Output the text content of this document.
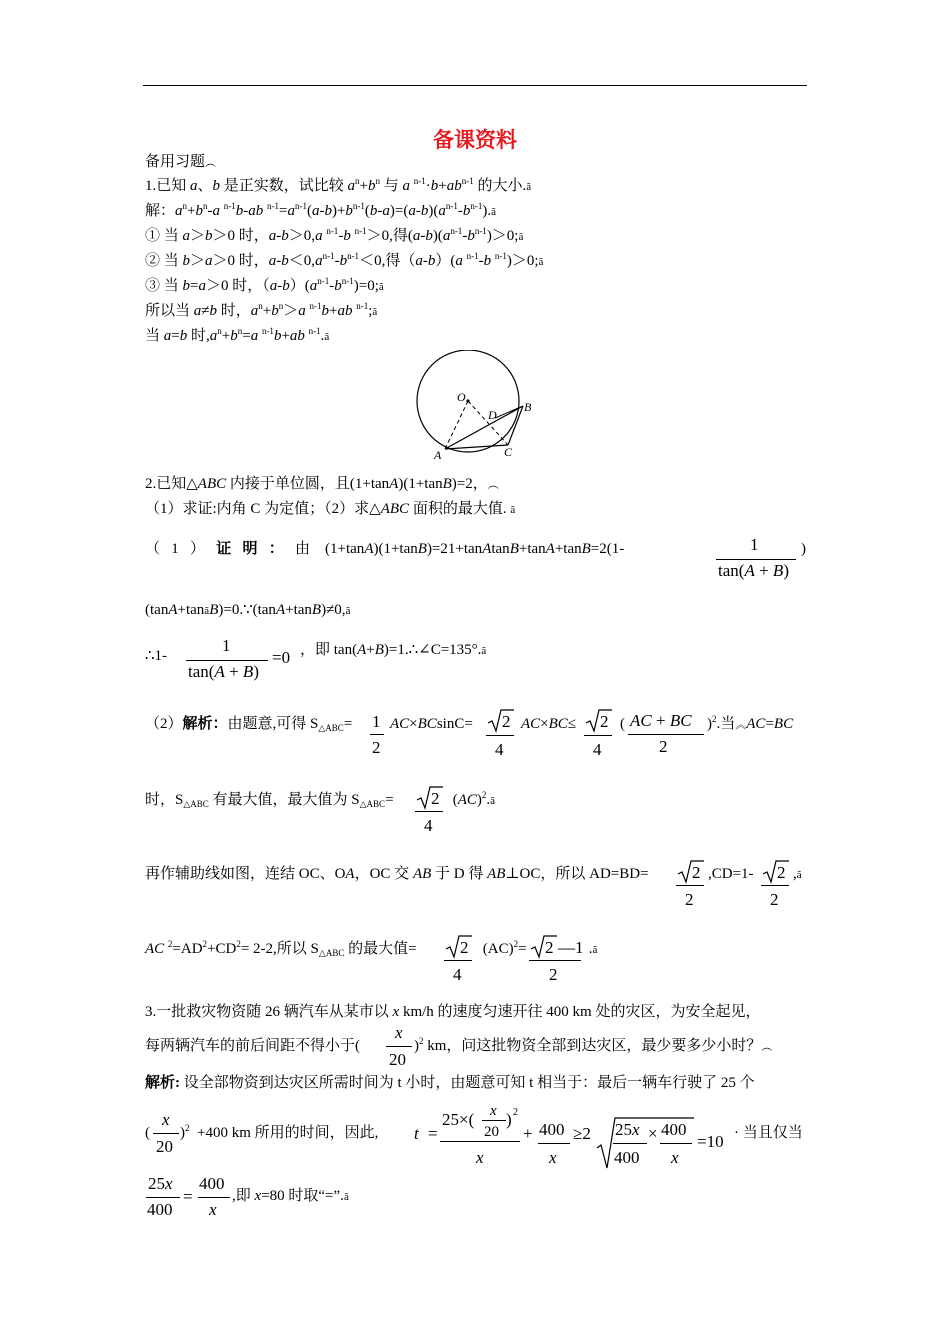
备课资料
备用习题︵
1.已知 a、b 是正实数，试比较 $a^n+b^n$ 与 a $^{n-1}\cdot b+ab^{n-1}$ 的大小.ã
解：$a^n+b^n-a$ $^{n-1}$b-ab $^{n-1}=a^{n-1}(a-b)+b^{n-1}(b-a)=(a-b)(a^{n-1}-b^{n-1}).ã$
① 当 a＞b＞0 时，a-b＞0,a $^{n-1}$-b $^{n-1}$＞0,得$(a-b)(a^{n-1}-b^{n-1})>0;ã$
② 当 b＞a＞0 时，$a-b<0,a^{n-1}-b^{n-1}<0$,得（a-b）(a $^{n-1}$-b $^{n-1}$)＞0;ã
③ 当 b=a＞0 时，$(a-b)(a^{n-1}-b^{n-1})=0;ã$
所以当 a≠b 时，$a^n+b^n>a$ $^{n-1}$b+ab $^{n-1}$;ã
当 a=b 时$,a^n+b^n=a$ $^{n-1}$b+ab $^{n-1}$.ã
O
D
B
A	C
2.已知△ABC 内接于单位圆，且(1+tanA)(1+tanB)=2，︵
（1）求证:内角 C 为定值；（2）求△ABC 面积的最大值. ã
（   1   ）   证   明   ：   由    (1+tanA)(1+tanB)=21+tanAtanB+tanA+tanB=2(1-	1
tan(A + B)
)
(tanA+tanãB)=0.∵(tanA+tanB)≠0,ã
∴1-
1
tan(A + B)
=0 ，即 tan(A+B)=1.∴∠C=135°.ã
（2）解析：由题意,可得 $S_{\triangle ABC}= 1$
2
AC×BCsinC= 2
4
AC×BC≤ 2
4
( AC + BC
2
)$^2$.当︽AC=BC
时，$S_{\triangle ABC}$ 有最大值，最大值为 $S_{\triangle ABC}= 2$
4
(AC)$^2$.ã
再作辅助线如图，连结 OC、OA，OC 交 AB 于 D 得 AB⊥OC，所以 AD=BD=	2
2
,CD=1- 2
2
,ã
AC $^2=AD^2+CD^2= 2-2$,所以 $S_{\triangle ABC}$ 的最大值=	2
4
(AC)$^2$= 2 —1
2
.ã
3.一批救灾物资随 26 辆汽车从某市以 x km/h 的速度匀速开往 400 km 处的灾区，为安全起见，
每两辆汽车的前后间距不得小于(
x
20
)$^2$ km，问这批物资全部到达灾区，最少要多少小时？︵
解析: 设全部物资到达灾区所需时间为 t 小时，由题意可知 t 相当于：最后一辆车行驶了 25 个
(
x
20
)$^2$  +400 km 所用的时间，因此, t =
25×( x
20
) 2
x
+ 400
x
≥2 25x
400
× 400
x
=10 · 当且仅当
25x
400
=
400
x
,即 x=80 时取“=”.ã
